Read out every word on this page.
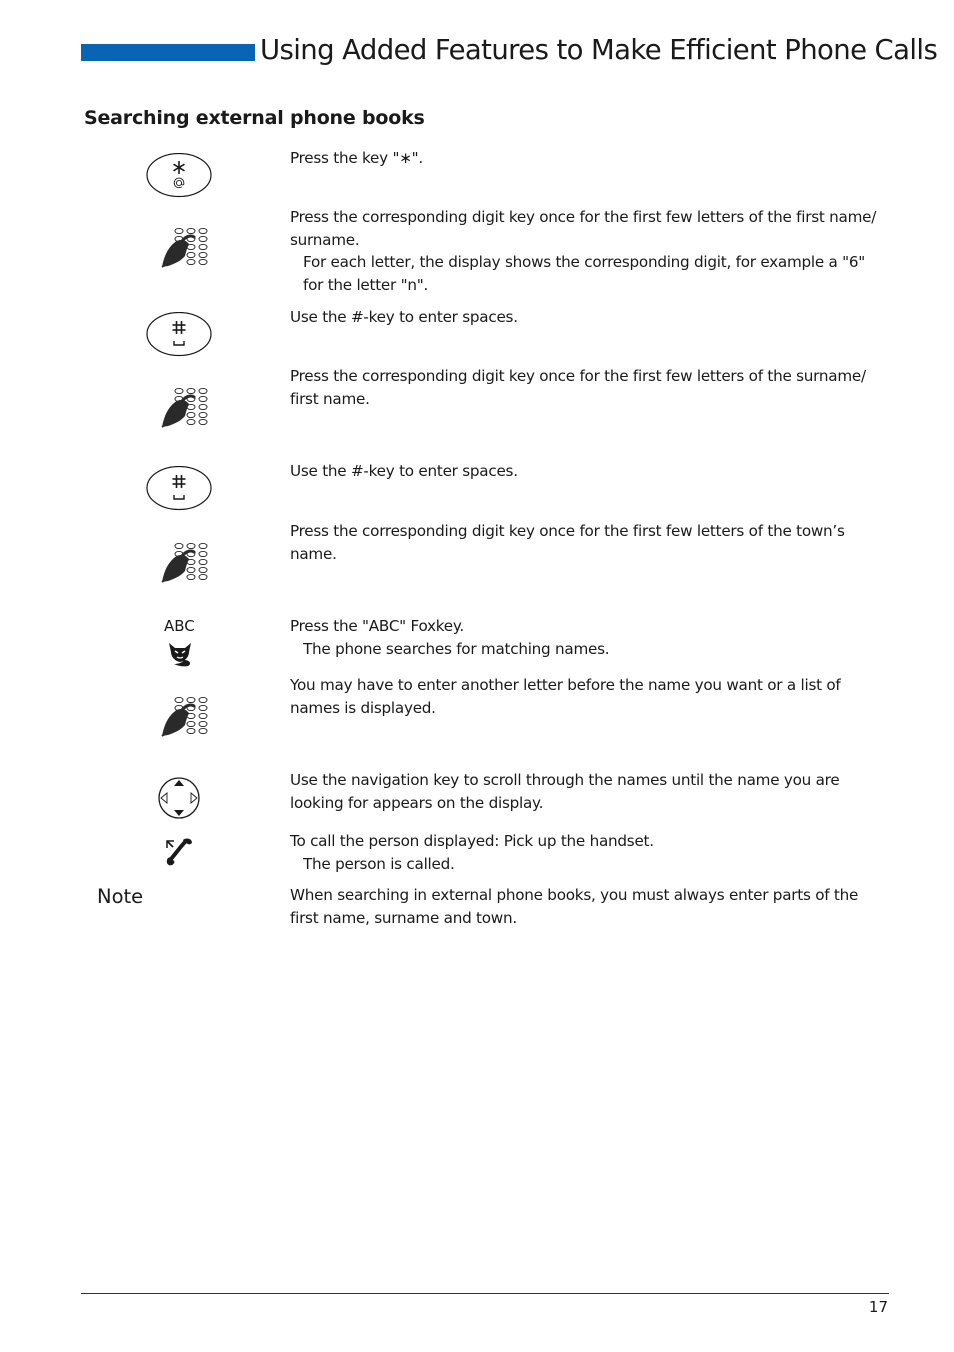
Using Added Features to Make Efficient Phone Calls
Searching external phone books
Press the key "∗".
Press the corresponding digit key once for the first few letters of the first name/ surname.
For each letter, the display shows the corresponding digit, for example a "6" for the letter "n".
Use the #-key to enter spaces.
Press the corresponding digit key once for the first few letters of the surname/ first name.
Use the #-key to enter spaces.
Press the corresponding digit key once for the first few letters of the town’s name.
ABC	Press the "ABC" Foxkey.
The phone searches for matching names.
You may have to enter another letter before the name you want or a list of names is displayed.
Use the navigation key to scroll through the names until the name you are looking for appears on the display.
To call the person displayed: Pick up the handset.
The person is called.
Note	When searching in external phone books, you must always enter parts of the first name, surname and town.
17
